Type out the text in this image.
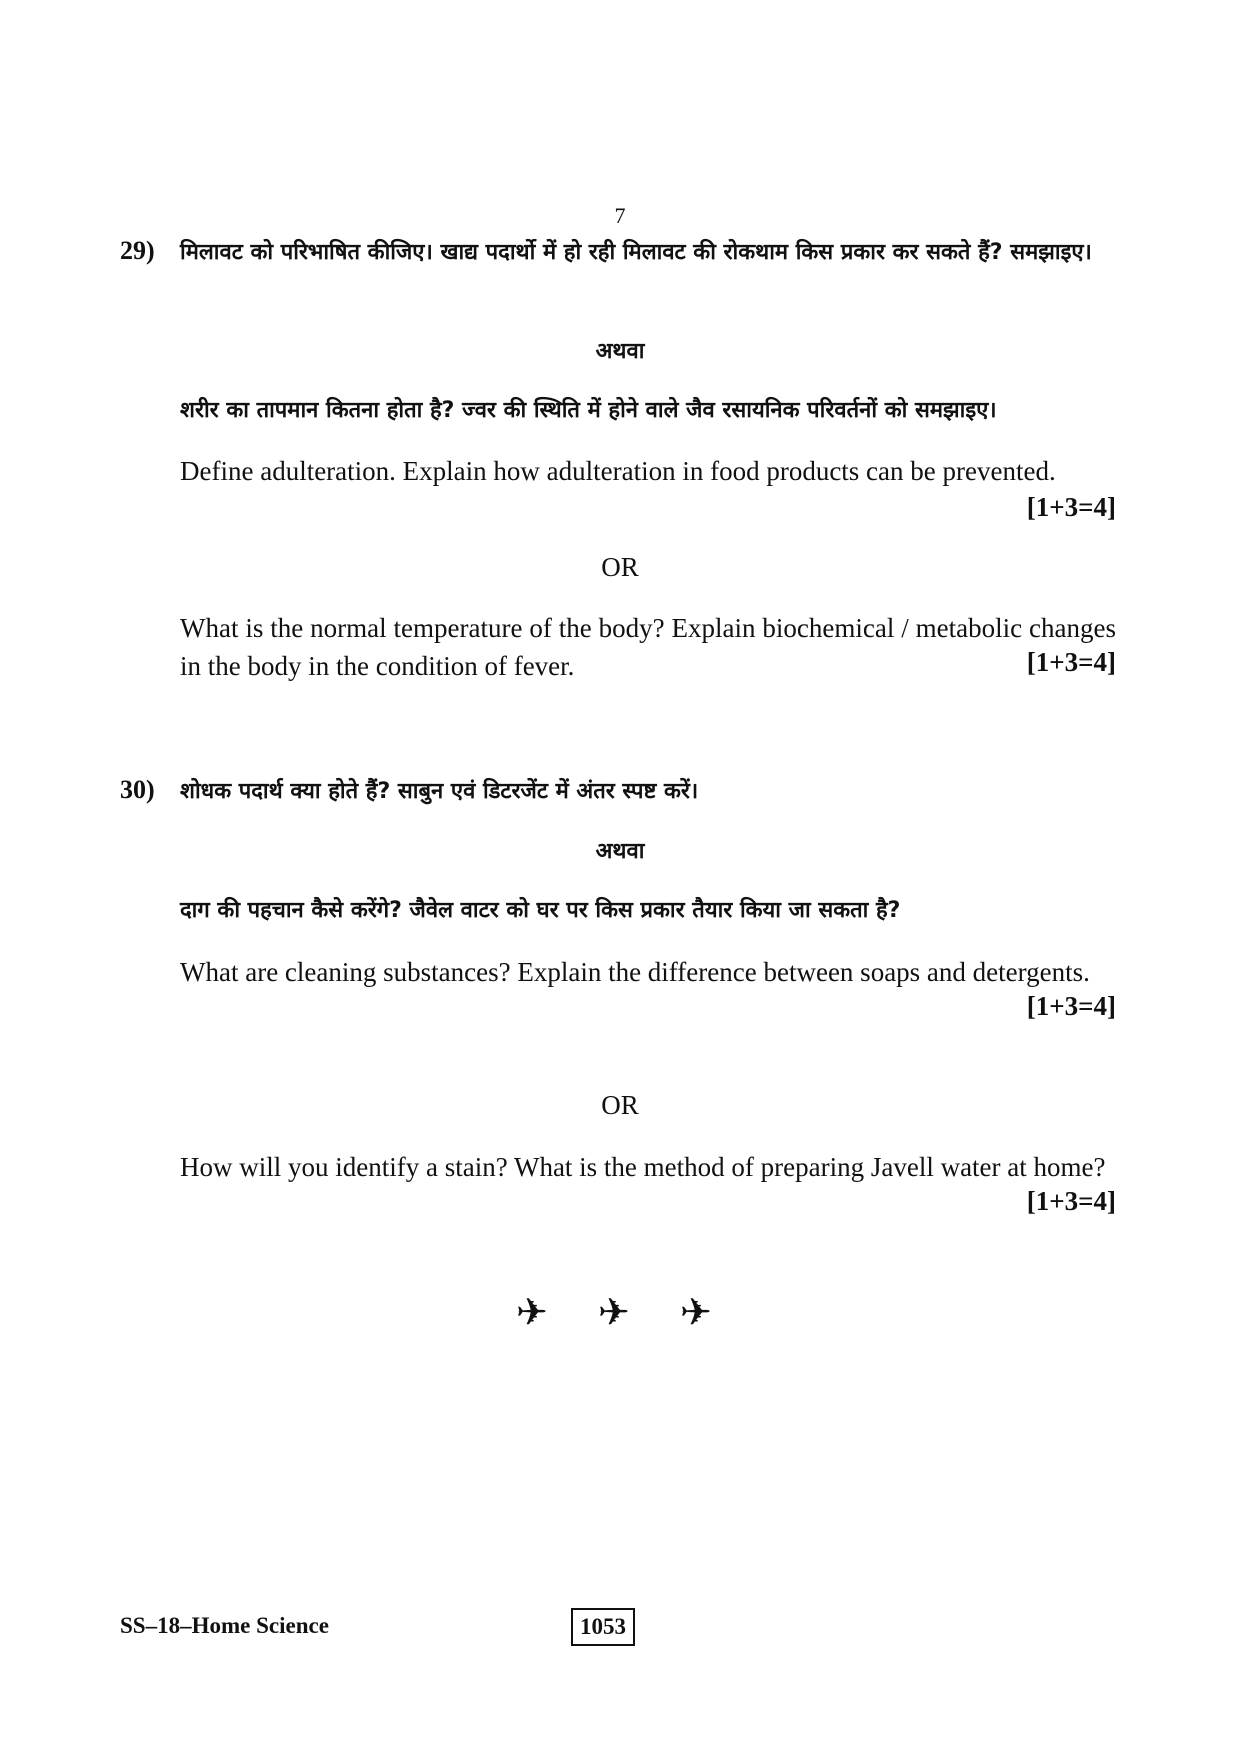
7
29) मिलावट को परिभाषित कीजिए। खाद्य पदार्थो में हो रही मिलावट की रोकथाम किस प्रकार कर सकते हैं? समझाइए।
अथवा
शरीर का तापमान कितना होता है? ज्वर की स्थिति में होने वाले जैव रसायनिक परिवर्तनों को समझाइए।
Define adulteration. Explain how adulteration in food products can be prevented.
[1+3=4]
OR
What is the normal temperature of the body? Explain biochemical / metabolic changes in the body in the condition of fever.	[1+3=4]
30) शोधक पदार्थ क्या होते हैं? साबुन एवं डिटरजेंट में अंतर स्पष्ट करें।
अथवा
दाग की पहचान कैसे करेंगे? जैवेल वाटर को घर पर किस प्रकार तैयार किया जा सकता है?
What are cleaning substances? Explain the difference between soaps and detergents.
[1+3=4]
OR
How will you identify a stain? What is the method of preparing Javell water at home?
[1+3=4]
✈ ✈ ✈
SS–18–Home Science	1053
